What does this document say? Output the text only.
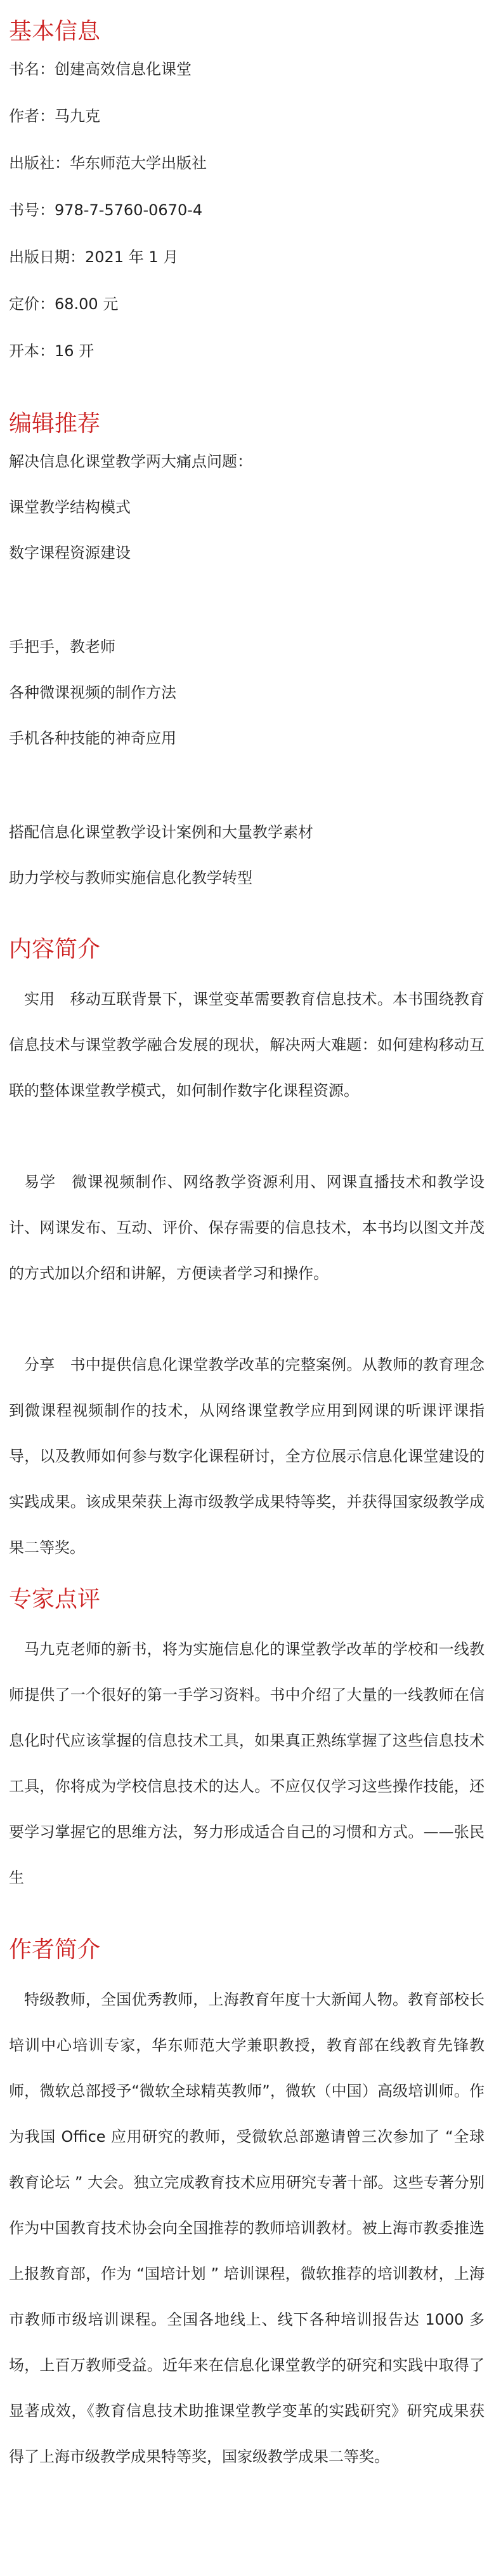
基本信息
书名：创建高效信息化课堂
作者：马九克
出版社：华东师范大学出版社
书号：978-7-5760-0670-4
出版日期：2021 年 1 月
定价：68.00 元
开本：16 开
编辑推荐
解决信息化课堂教学两大痛点问题：
课堂教学结构模式
数字课程资源建设
手把手，教老师
各种微课视频的制作方法
手机各种技能的神奇应用
搭配信息化课堂教学设计案例和大量教学素材
助力学校与教师实施信息化教学转型
内容简介

实用　移动互联背景下，课堂变革需要教育信息技术。本书围绕教育信息技术与课堂教学融合发展的现状，解决两大难题：如何建构移动互联的整体课堂教学模式，如何制作数字化课程资源。

易学　微课视频制作、网络教学资源利用、网课直播技术和教学设计、网课发布、互动、评价、保存需要的信息技术，本书均以图文并茂的方式加以介绍和讲解，方便读者学习和操作。

分享　书中提供信息化课堂教学改革的完整案例。从教师的教育理念到微课程视频制作的技术，从网络课堂教学应用到网课的听课评课指导，以及教师如何参与数字化课程研讨，全方位展示信息化课堂建设的实践成果。该成果荣获上海市级教学成果特等奖，并获得国家级教学成果二等奖。

专家点评

马九克老师的新书，将为实施信息化的课堂教学改革的学校和一线教师提供了一个很好的第一手学习资料。书中介绍了大量的一线教师在信息化时代应该掌握的信息技术工具，如果真正熟练掌握了这些信息技术工具，你将成为学校信息技术的达人。不应仅仅学习这些操作技能，还要学习掌握它的思维方法，努力形成适合自己的习惯和方式。——张民生

作者简介

特级教师，全国优秀教师，上海教育年度十大新闻人物。教育部校长培训中心培训专家，华东师范大学兼职教授，教育部在线教育先锋教师，微软总部授予“微软全球精英教师”，微软（中国）高级培训师。作为我国 Office 应用研究的教师，受微软总部邀请曾三次参加了 “全球教育论坛 ” 大会。独立完成教育技术应用研究专著十部。这些专著分别作为中国教育技术协会向全国推荐的教师培训教材。被上海市教委推选上报教育部，作为 “国培计划 ” 培训课程，微软推荐的培训教材，上海市教师市级培训课程。全国各地线上、线下各种培训报告达 1000 多场，上百万教师受益。近年来在信息化课堂教学的研究和实践中取得了显著成效，《教育信息技术助推课堂教学变革的实践研究》研究成果获得了上海市级教学成果特等奖，国家级教学成果二等奖。
